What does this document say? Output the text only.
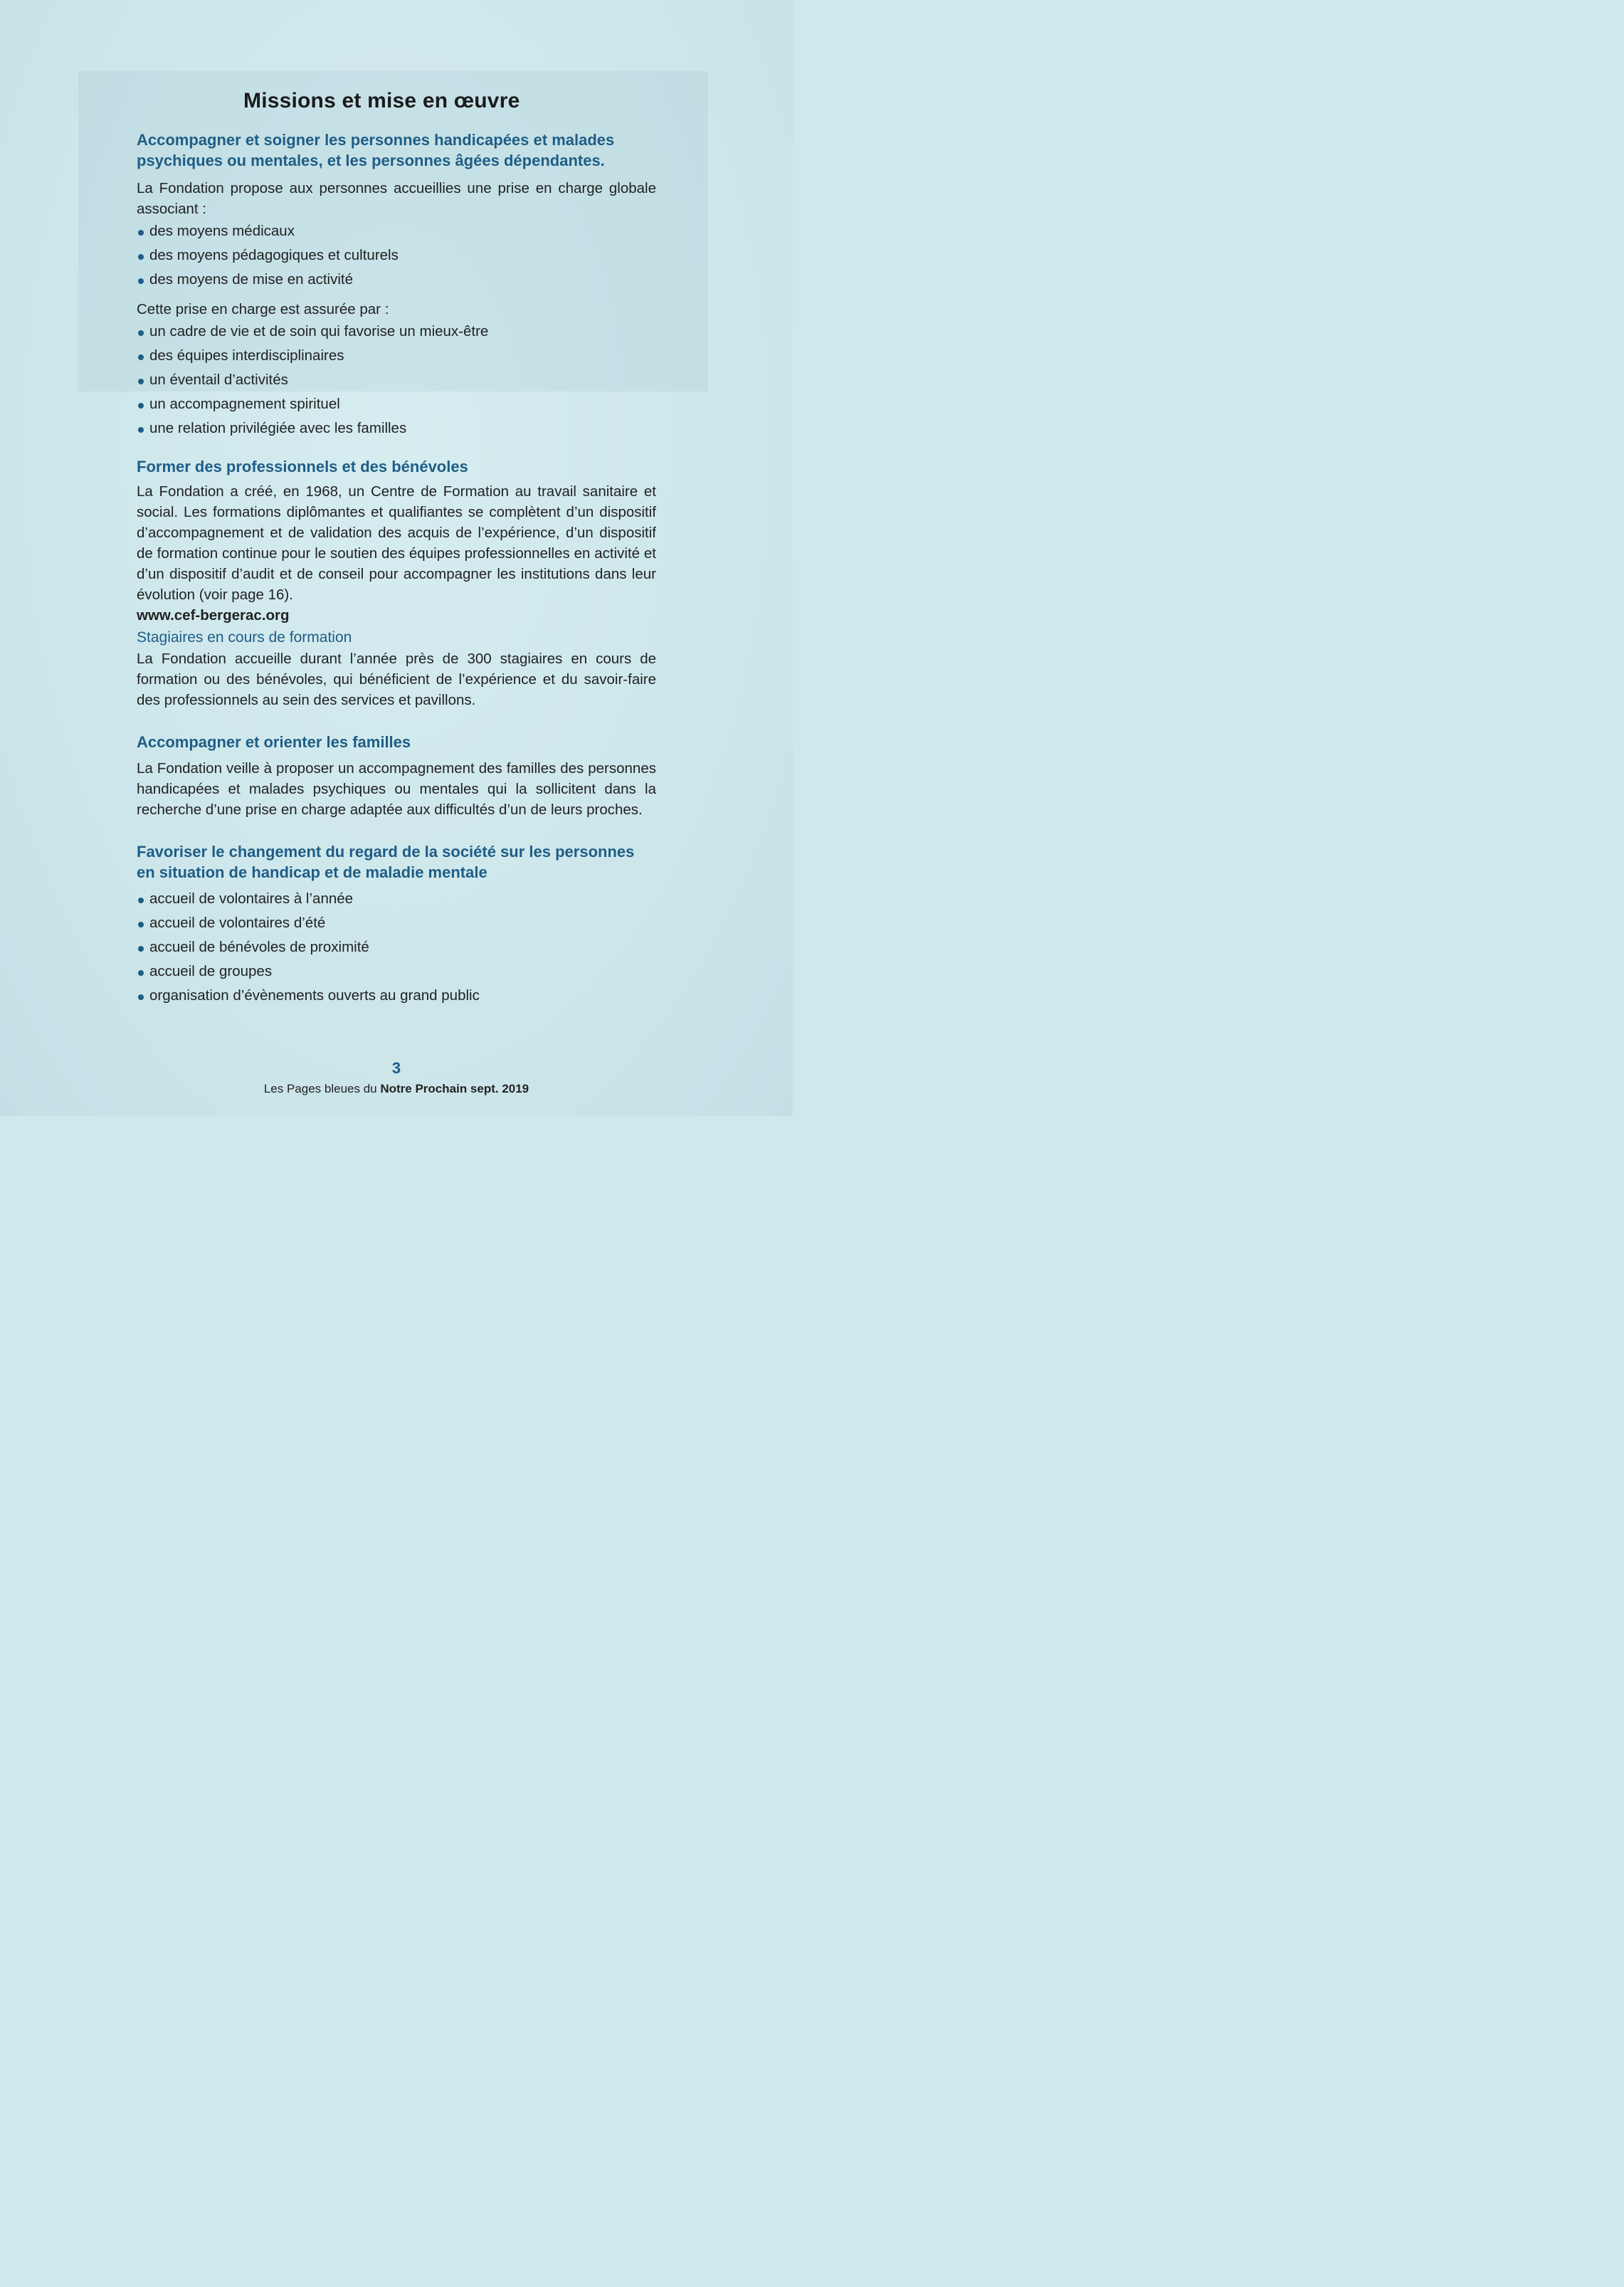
Missions et mise en œuvre
Accompagner et soigner les personnes handicapées et malades psychiques ou mentales, et les personnes âgées dépendantes.

La Fondation propose aux personnes accueillies une prise en charge globale associant :

des moyens médicaux
des moyens pédagogiques et culturels
des moyens de mise en activité

Cette prise en charge est assurée par :

un cadre de vie et de soin qui favorise un mieux-être
des équipes interdisciplinaires
un éventail d’activités
un accompagnement spirituel
une relation privilégiée avec les familles
Former des professionnels et des bénévoles

La Fondation a créé, en 1968, un Centre de Formation au travail sanitaire et social. Les formations diplômantes et qualifiantes se complètent d’un dispositif d’accompagnement et de validation des acquis de l’expérience, d’un dispositif de formation continue pour le soutien des équipes professionnelles en activité et d’un dispositif d’audit et de conseil pour accompagner les institutions dans leur évolution (voir page 16).

www.cef-bergerac.org

Stagiaires en cours de formation

La Fondation accueille durant l’année près de 300 stagiaires en cours de formation ou des bénévoles, qui bénéficient de l’expérience et du savoir-faire des professionnels au sein des services et pavillons.

Accompagner et orienter les familles

La Fondation veille à proposer un accompagnement des familles des personnes handicapées et malades psychiques ou mentales qui la sollicitent dans la recherche d’une prise en charge adaptée aux difficultés d’un de leurs proches.

Favoriser le changement du regard de la société sur les personnes en situation de handicap et de maladie mentale
accueil de volontaires à l’année
accueil de volontaires d’été
accueil de bénévoles de proximité
accueil de groupes
organisation d’évènements ouverts au grand public
3
Les Pages bleues du Notre Prochain sept. 2019
